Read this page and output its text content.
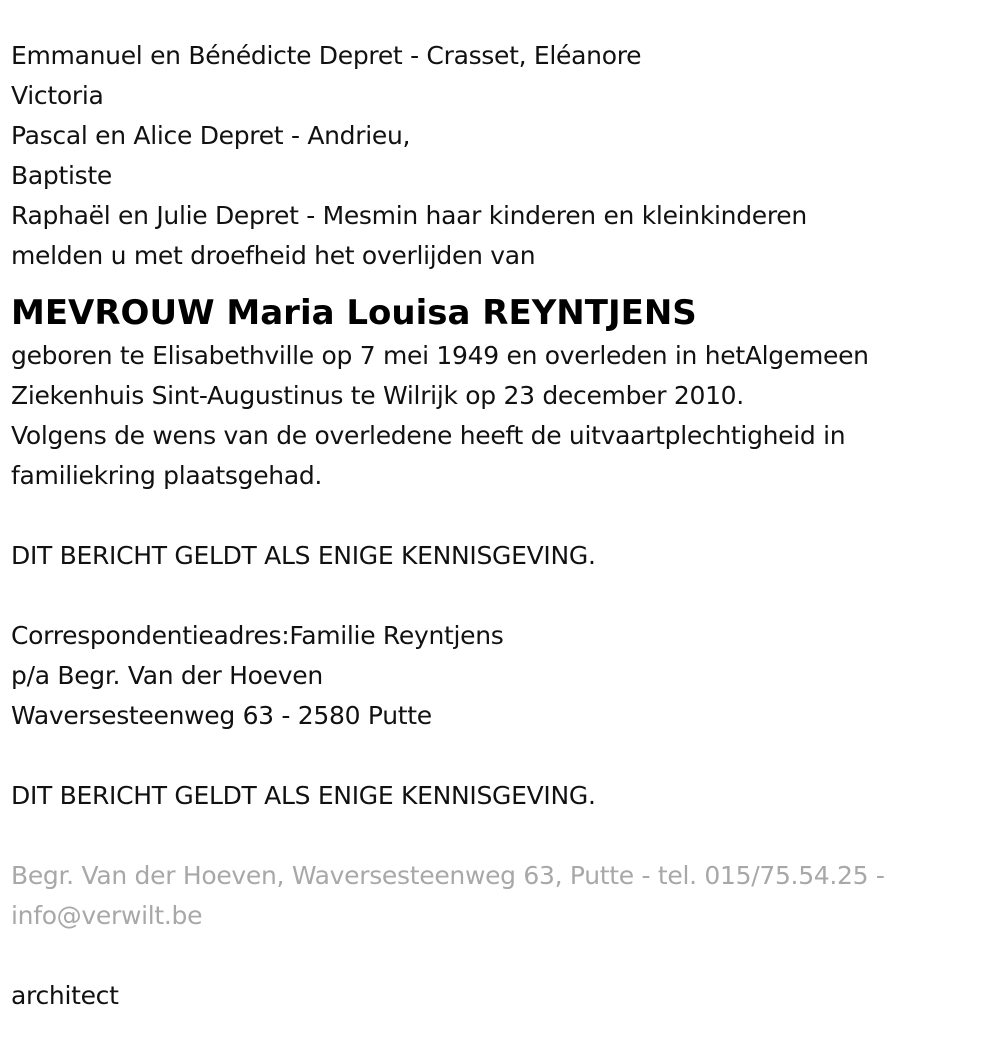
Emmanuel en Bénédicte Depret - Crasset, Eléanore
Victoria
Pascal en Alice Depret - Andrieu,
Baptiste
Raphaël en Julie Depret - Mesmin haar kinderen en kleinkinderen
melden u met droefheid het overlijden van
MEVROUW Maria Louisa REYNTJENS
geboren te Elisabethville op 7 mei 1949 en overleden in hetAlgemeen
Ziekenhuis Sint-Augustinus te Wilrijk op 23 december 2010.
Volgens de wens van de overledene heeft de uitvaartplechtigheid in
familiekring plaatsgehad.
DIT BERICHT GELDT ALS ENIGE KENNISGEVING.
Correspondentieadres:Familie Reyntjens
p/a Begr. Van der Hoeven
Waversesteenweg 63 - 2580 Putte
DIT BERICHT GELDT ALS ENIGE KENNISGEVING.
Begr. Van der Hoeven, Waversesteenweg 63, Putte - tel. 015/75.54.25 -
info@verwilt.be
architect
